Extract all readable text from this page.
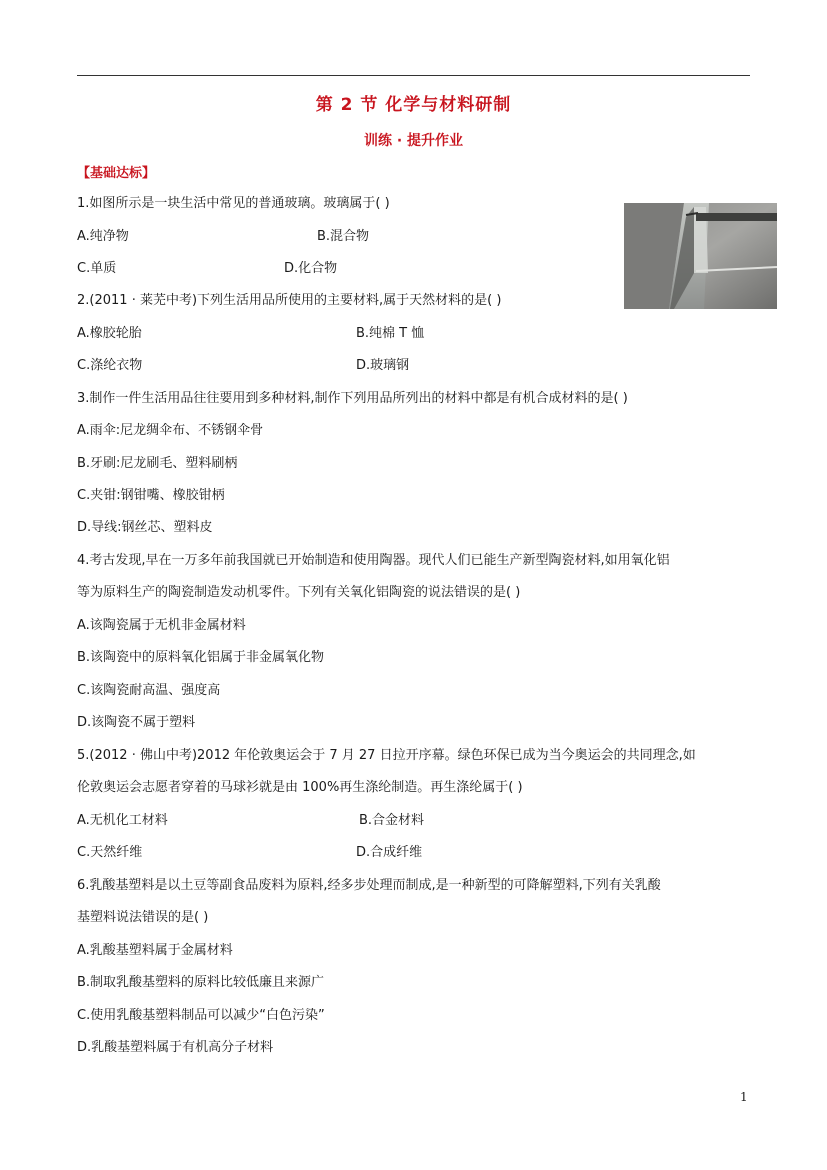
第 2 节 化学与材料研制
训练 · 提升作业
【基础达标】
1.如图所示是一块生活中常见的普通玻璃。玻璃属于( )
A.纯净物	B.混合物
C.单质	D.化合物
2.(2011 · 莱芜中考)下列生活用品所使用的主要材料,属于天然材料的是( )
A.橡胶轮胎	B.纯棉 T 恤
C.涤纶衣物	D.玻璃钢
3.制作一件生活用品往往要用到多种材料,制作下列用品所列出的材料中都是有机合成材料的是( )
A.雨伞:尼龙绸伞布、不锈钢伞骨
B.牙刷:尼龙刷毛、塑料刷柄
C.夹钳:钢钳嘴、橡胶钳柄
D.导线:钢丝芯、塑料皮
4.考古发现,早在一万多年前我国就已开始制造和使用陶器。现代人们已能生产新型陶瓷材料,如用氧化铝
等为原料生产的陶瓷制造发动机零件。下列有关氧化铝陶瓷的说法错误的是( )
A.该陶瓷属于无机非金属材料
B.该陶瓷中的原料氧化铝属于非金属氧化物
C.该陶瓷耐高温、强度高
D.该陶瓷不属于塑料
5.(2012 · 佛山中考)2012 年伦敦奥运会于 7 月 27 日拉开序幕。绿色环保已成为当今奥运会的共同理念,如
伦敦奥运会志愿者穿着的马球衫就是由 100%再生涤纶制造。再生涤纶属于( )
A.无机化工材料	B.合金材料
C.天然纤维	D.合成纤维
6.乳酸基塑料是以土豆等副食品废料为原料,经多步处理而制成,是一种新型的可降解塑料,下列有关乳酸
基塑料说法错误的是( )
A.乳酸基塑料属于金属材料
B.制取乳酸基塑料的原料比较低廉且来源广
C.使用乳酸基塑料制品可以减少“白色污染”
D.乳酸基塑料属于有机高分子材料
1
